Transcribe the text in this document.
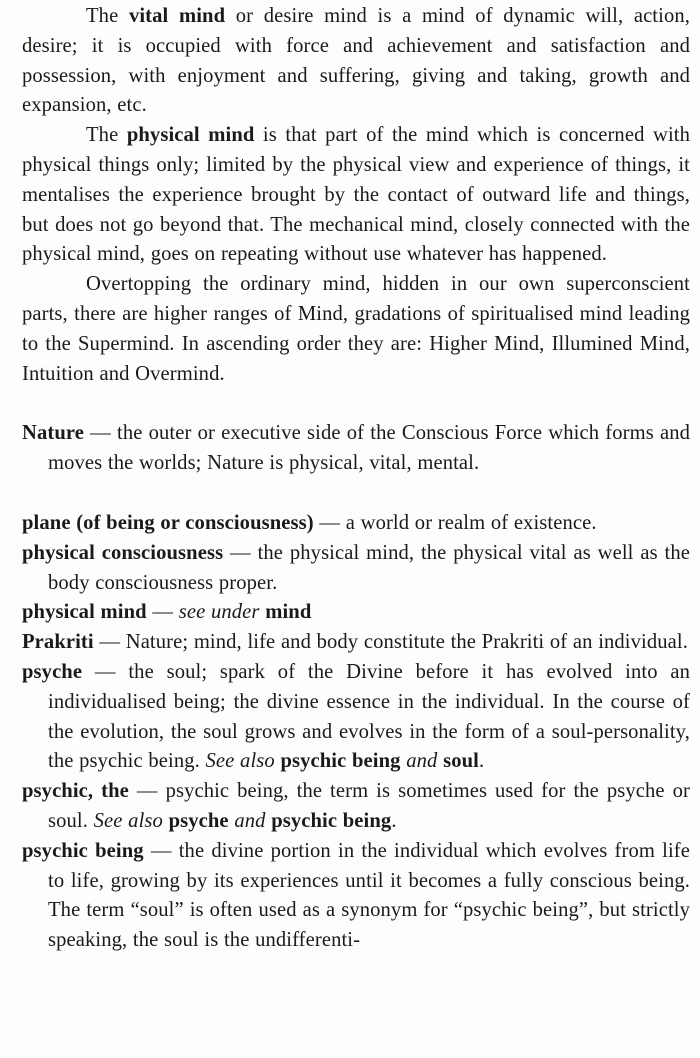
The vital mind or desire mind is a mind of dynamic will, action, desire; it is occupied with force and achievement and satisfaction and possession, with enjoyment and suffering, giving and taking, growth and expansion, etc.

The physical mind is that part of the mind which is concerned with physical things only; limited by the physical view and experience of things, it mentalises the experience brought by the contact of outward life and things, but does not go beyond that. The mechanical mind, closely connected with the physical mind, goes on repeating without use whatever has happened.

Overtopping the ordinary mind, hidden in our own superconscient parts, there are higher ranges of Mind, gradations of spiritualised mind leading to the Supermind. In ascending order they are: Higher Mind, Illumined Mind, Intuition and Overmind.

Nature — the outer or executive side of the Conscious Force which forms and moves the worlds; Nature is physical, vital, mental.

plane (of being or consciousness) — a world or realm of existence.

physical consciousness — the physical mind, the physical vital as well as the body consciousness proper.

physical mind — see under mind

Prakriti — Nature; mind, life and body constitute the Prakriti of an individual.

psyche — the soul; spark of the Divine before it has evolved into an individualised being; the divine essence in the individual. In the course of the evolution, the soul grows and evolves in the form of a soul-personality, the psychic being. See also psychic being and soul.

psychic, the — psychic being, the term is sometimes used for the psyche or soul. See also psyche and psychic being.

psychic being — the divine portion in the individual which evolves from life to life, growing by its experiences until it becomes a fully conscious being. The term “soul” is often used as a synonym for “psychic being”, but strictly speaking, the soul is the undifferenti-
